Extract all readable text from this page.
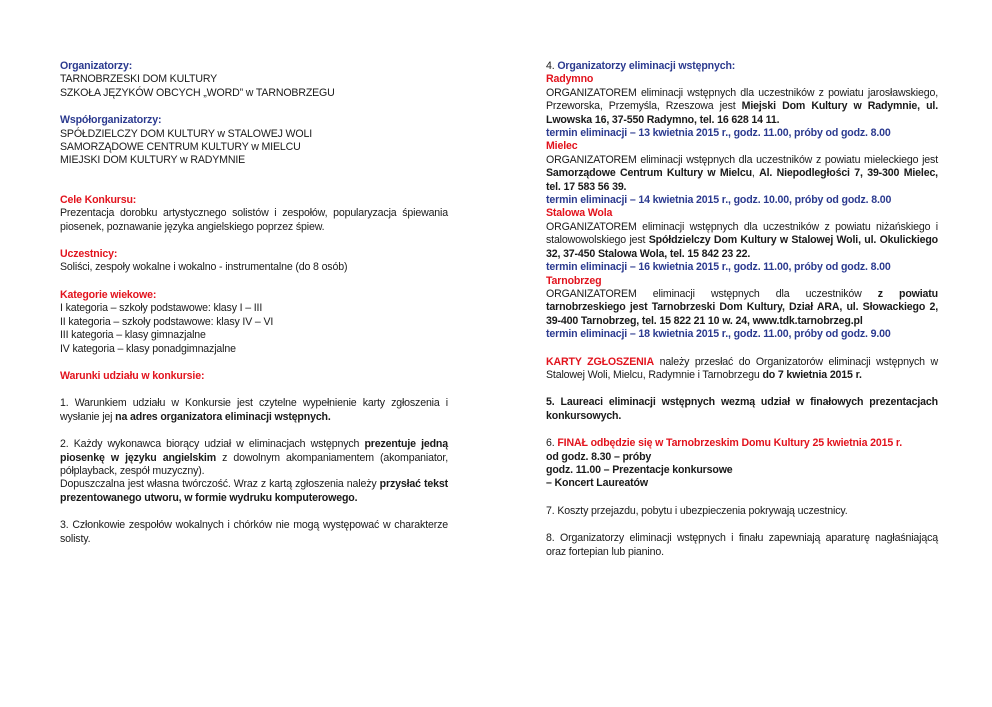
Organizatorzy:
TARNOBRZESKI DOM KULTURY
SZKOŁA JĘZYKÓW OBCYCH „WORD” w TARNOBRZEGU
Współorganizatorzy:
SPÓŁDZIELCZY DOM KULTURY w STALOWEJ WOLI
SAMORZĄDOWE CENTRUM KULTURY w MIELCU
MIEJSKI DOM KULTURY w RADYMNIE
Cele Konkursu:

Prezentacja dorobku artystycznego solistów i zespołów, popularyzacja śpiewania piosenek, poznawanie języka angielskiego poprzez śpiew.

Uczestnicy:

Soliści, zespoły wokalne i wokalno - instrumentalne (do 8 osób)

Kategorie wiekowe:
I kategoria – szkoły podstawowe: klasy I – III
II kategoria – szkoły podstawowe: klasy IV – VI
III kategoria – klasy gimnazjalne
IV kategoria – klasy ponadgimnazjalne
Warunki udziału w konkursie:

1. Warunkiem udziału w Konkursie jest czytelne wypełnienie karty zgłoszenia i wysłanie jej na adres organizatora eliminacji wstępnych.

2. Każdy wykonawca biorący udział w eliminacjach wstępnych prezentuje jedną piosenkę w języku angielskim z dowolnym akompaniamentem (akompaniator, półplayback, zespół muzyczny).

Dopuszczalna jest własna twórczość. Wraz z kartą zgłoszenia należy przysłać tekst prezentowanego utworu, w formie wydruku komputerowego.

3. Członkowie zespołów wokalnych i chórków nie mogą występować w charakterze solisty.

4. Organizatorzy eliminacji wstępnych:
Radymno

ORGANIZATOREM eliminacji wstępnych dla uczestników z powiatu jarosławskiego, Przeworska, Przemyśla, Rzeszowa jest Miejski Dom Kultury w Radymnie, ul. Lwowska 16, 37-550 Radymno, tel. 16 628 14 11.

termin eliminacji – 13 kwietnia 2015 r., godz. 11.00, próby od godz. 8.00
Mielec

ORGANIZATOREM eliminacji wstępnych dla uczestników z powiatu mieleckiego jest Samorządowe Centrum Kultury w Mielcu, Al. Niepodległości 7, 39-300 Mielec, tel. 17 583 56 39.

termin eliminacji – 14 kwietnia 2015 r., godz. 10.00, próby od godz. 8.00
Stalowa Wola

ORGANIZATOREM eliminacji wstępnych dla uczestników z powiatu niżańskiego i stalowowolskiego jest Spółdzielczy Dom Kultury w Stalowej Woli, ul. Okulickiego 32, 37-450 Stalowa Wola, tel. 15 842 23 22.

termin eliminacji – 16 kwietnia 2015 r., godz. 11.00, próby od godz. 8.00
Tarnobrzeg

ORGANIZATOREM eliminacji wstępnych dla uczestników z powiatu tarnobrzeskiego jest Tarnobrzeski Dom Kultury, Dział ARA, ul. Słowackiego 2, 39-400 Tarnobrzeg, tel. 15 822 21 10 w. 24, www.tdk.tarnobrzeg.pl

termin eliminacji – 18 kwietnia 2015 r., godz. 11.00, próby od godz. 9.00

KARTY ZGŁOSZENIA należy przesłać do Organizatorów eliminacji wstępnych w Stalowej Woli, Mielcu, Radymnie i Tarnobrzegu do 7 kwietnia 2015 r.

5. Laureaci eliminacji wstępnych wezmą udział w finałowych prezentacjach konkursowych.

6. FINAŁ odbędzie się w Tarnobrzeskim Domu Kultury 25 kwietnia 2015 r.
od godz. 8.30 – próby
godz. 11.00 – Prezentacje konkursowe
– Koncert Laureatów

7. Koszty przejazdu, pobytu i ubezpieczenia pokrywają uczestnicy.

8. Organizatorzy eliminacji wstępnych i finału zapewniają aparaturę nagłaśniającą oraz fortepian lub pianino.
